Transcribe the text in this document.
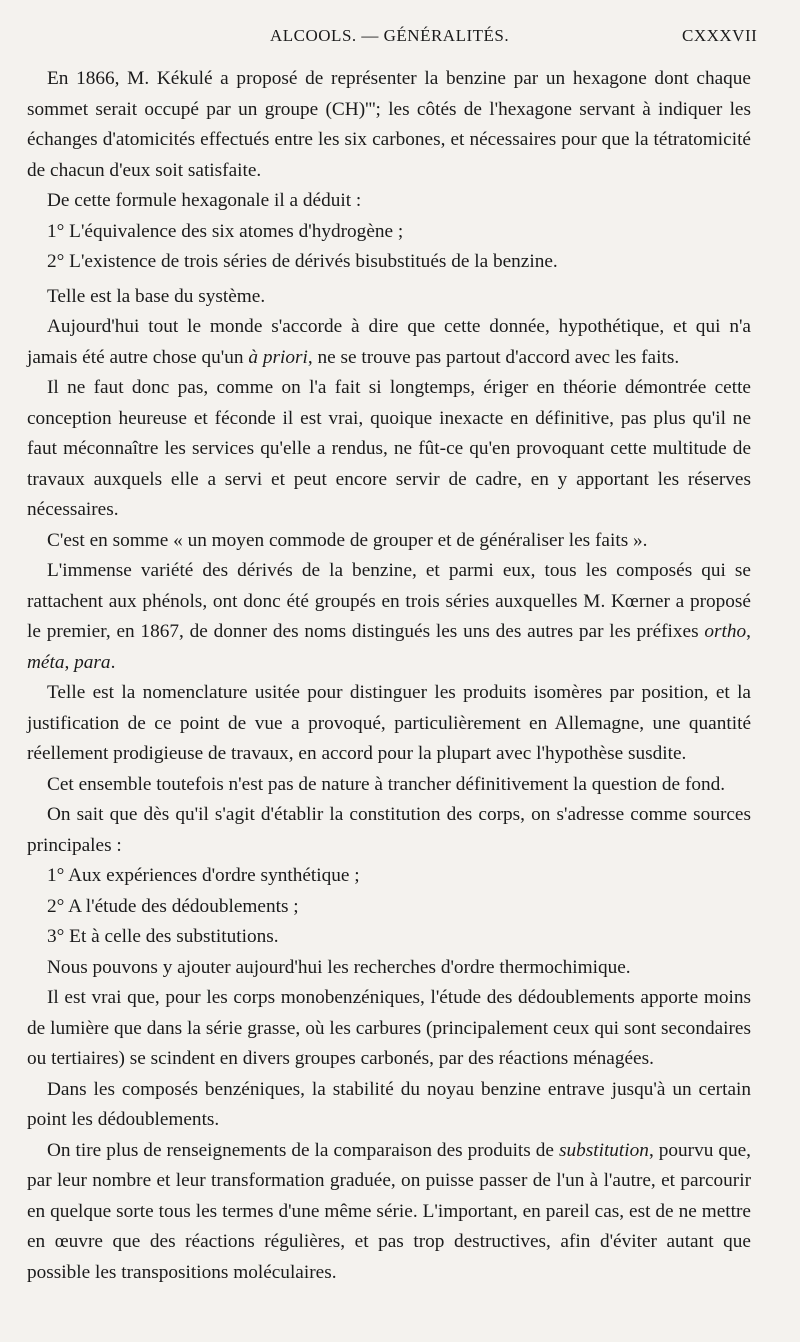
ALCOOLS. — GÉNÉRALITÉS.	CXXXVII

En 1866, M. Kékulé a proposé de représenter la benzine par un hexagone dont chaque sommet serait occupé par un groupe (CH)'''; les côtés de l'hexagone servant à indiquer les échanges d'atomicités effectués entre les six carbones, et nécessaires pour que la tétratomicité de chacun d'eux soit satisfaite.

De cette formule hexagonale il a déduit :

1° L'équivalence des six atomes d'hydrogène ;

2° L'existence de trois séries de dérivés bisubstitués de la benzine.

Telle est la base du système.

Aujourd'hui tout le monde s'accorde à dire que cette donnée, hypothétique, et qui n'a jamais été autre chose qu'un à priori, ne se trouve pas partout d'accord avec les faits.

Il ne faut donc pas, comme on l'a fait si longtemps, ériger en théorie démontrée cette conception heureuse et féconde il est vrai, quoique inexacte en définitive, pas plus qu'il ne faut méconnaître les services qu'elle a rendus, ne fût-ce qu'en provoquant cette multitude de travaux auxquels elle a servi et peut encore servir de cadre, en y apportant les réserves nécessaires.

C'est en somme « un moyen commode de grouper et de généraliser les faits ».

L'immense variété des dérivés de la benzine, et parmi eux, tous les composés qui se rattachent aux phénols, ont donc été groupés en trois séries auxquelles M. Kœrner a proposé le premier, en 1867, de donner des noms distingués les uns des autres par les préfixes ortho, méta, para.

Telle est la nomenclature usitée pour distinguer les produits isomères par position, et la justification de ce point de vue a provoqué, particulièrement en Allemagne, une quantité réellement prodigieuse de travaux, en accord pour la plupart avec l'hypothèse susdite.

Cet ensemble toutefois n'est pas de nature à trancher définitivement la question de fond.

On sait que dès qu'il s'agit d'établir la constitution des corps, on s'adresse comme sources principales :

1° Aux expériences d'ordre synthétique ;

2° A l'étude des dédoublements ;

3° Et à celle des substitutions.

Nous pouvons y ajouter aujourd'hui les recherches d'ordre thermochimique.

Il est vrai que, pour les corps monobenzéniques, l'étude des dédoublements apporte moins de lumière que dans la série grasse, où les carbures (principalement ceux qui sont secondaires ou tertiaires) se scindent en divers groupes carbonés, par des réactions ménagées.

Dans les composés benzéniques, la stabilité du noyau benzine entrave jusqu'à un certain point les dédoublements.

On tire plus de renseignements de la comparaison des produits de substitution, pourvu que, par leur nombre et leur transformation graduée, on puisse passer de l'un à l'autre, et parcourir en quelque sorte tous les termes d'une même série. L'important, en pareil cas, est de ne mettre en œuvre que des réactions régulières, et pas trop destructives, afin d'éviter autant que possible les transpositions moléculaires.
